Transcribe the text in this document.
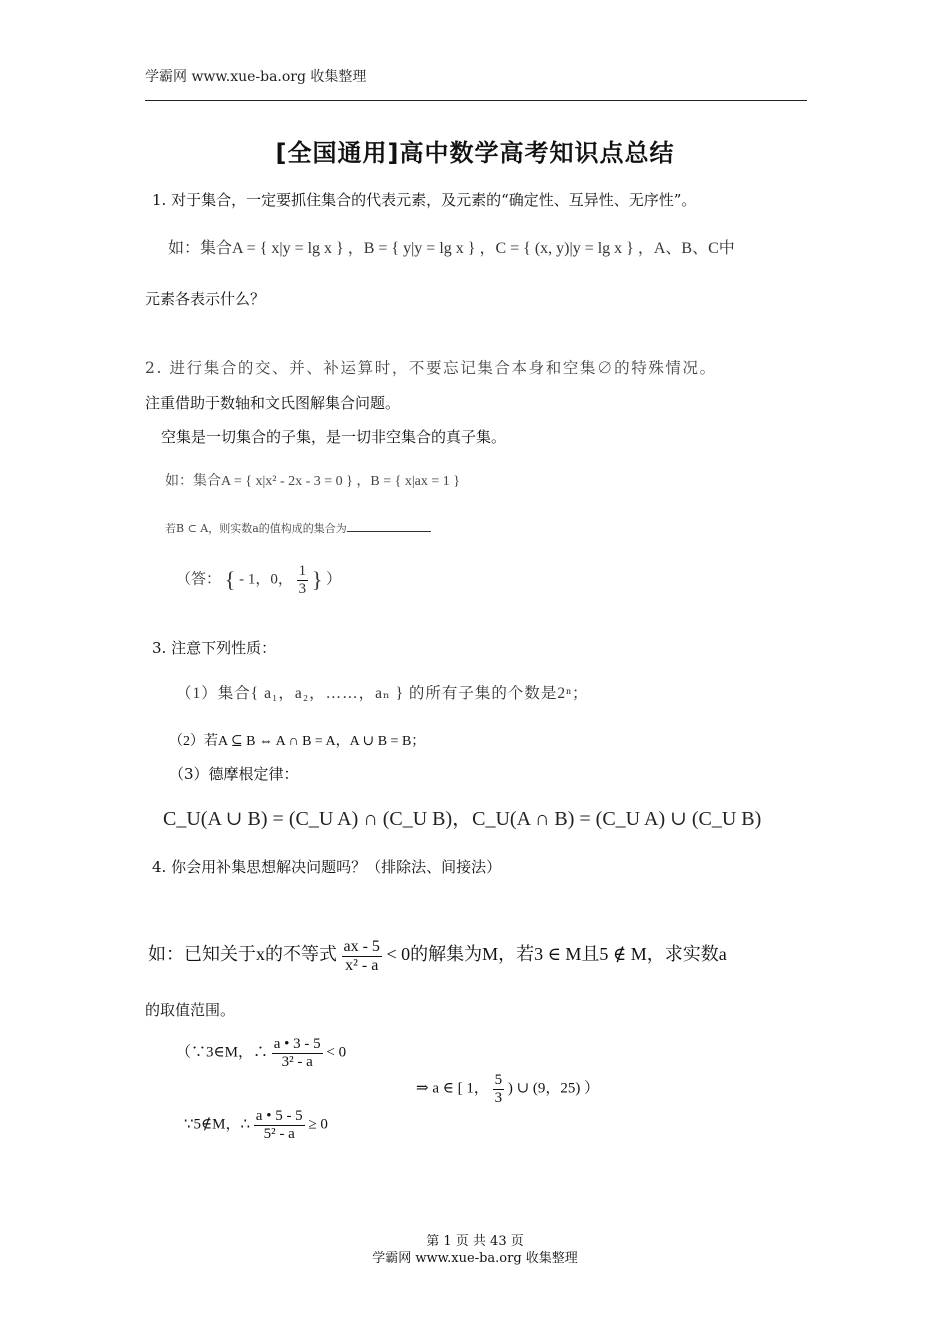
学霸网 www.xue-ba.org 收集整理
[全国通用]高中数学高考知识点总结
1. 对于集合，一定要抓住集合的代表元素，及元素的“确定性、互异性、无序性”。
如：集合A = { x|y = lg x } ，B = { y|y = lg x } ，C = { (x, y)|y = lg x } ，A、B、C中
元素各表示什么？
2. 进行集合的交、并、补运算时，不要忘记集合本身和空集∅的特殊情况。
注重借助于数轴和文氏图解集合问题。
空集是一切集合的子集，是一切非空集合的真子集。
如：集合A = { x|x² - 2x - 3 = 0 } ，B = { x|ax = 1 }
若B ⊂ A，则实数a的值构成的集合为
（答： { - 1，0， $\frac{1}{3}$ } ）
3. 注意下列性质：
（1）集合{ a₁，a₂，……，aₙ } 的所有子集的个数是2ⁿ；
（2）若A ⊆ B ⇔ A ∩ B = A，A ∪ B = B；
（3）德摩根定律：
C_U(A ∪ B) = (C_U A) ∩ (C_U B)，C_U(A ∩ B) = (C_U A) ∪ (C_U B)
4. 你会用补集思想解决问题吗？（排除法、间接法）
如：已知关于x的不等式 $\frac{ax - 5}{\text{x² - a}} < 0$的解集为M，若3 ∈ M且5 ∉ M，求实数a
的取值范围。
（∵3∈M，∴ $\frac{a • 3 - 5}{\text{3² - a}} < 0$
⇒ a ∈ [ 1， $\frac{5}{3}$ ) ∪ (9，25) ）
∵5∉M，∴ $\frac{a • 5 - 5}{\text{5² - a}} \ge 0$
第 1 页 共 43 页
学霸网 www.xue-ba.org 收集整理
